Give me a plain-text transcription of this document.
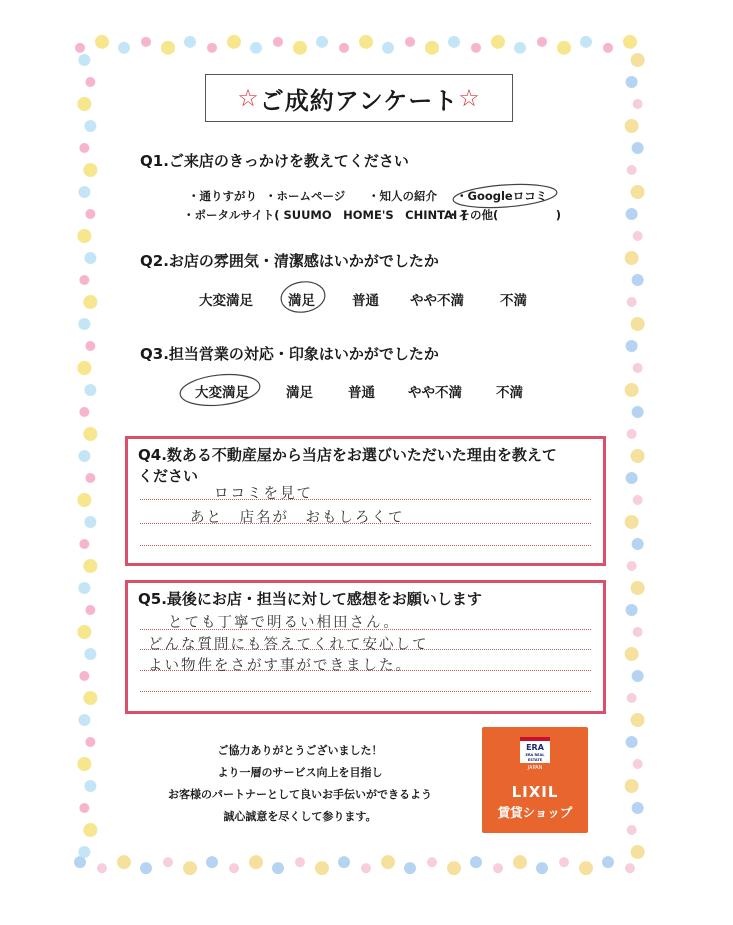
☆ ご成約アンケート ☆
Q1.ご来店のきっかけを教えてください
・通りすがり ・ホームページ ・知人の紹介 ・Googleロコミ
・ポータルサイト( SUUMO　HOME'S　CHINTAI )
・その他(　　　　　)
Q2.お店の雰囲気・清潔感はいかがでしたか
大変満足	満足	普通 やや不満	不満
Q3.担当営業の対応・印象はいかがでしたか
大変満足	満足	普通 やや不満	不満
Q4.数ある不動産屋から当店をお選びいただいた理由を教えて
ください
ロコミを見て
あと　店名が　おもしろくて
Q5.最後にお店・担当に対して感想をお願いします
とても丁寧で明るい相田さん。
どんな質問にも答えてくれて安心して
よい物件をさがす事ができました。
ご協力ありがとうございました！
より一層のサービス向上を目指し
お客様のパートナーとして良いお手伝いができるよう
誠心誠意を尽くして参ります。
ERA
ERA REAL ESTATE
JAPAN
LIXIL
賃貸ショップ
